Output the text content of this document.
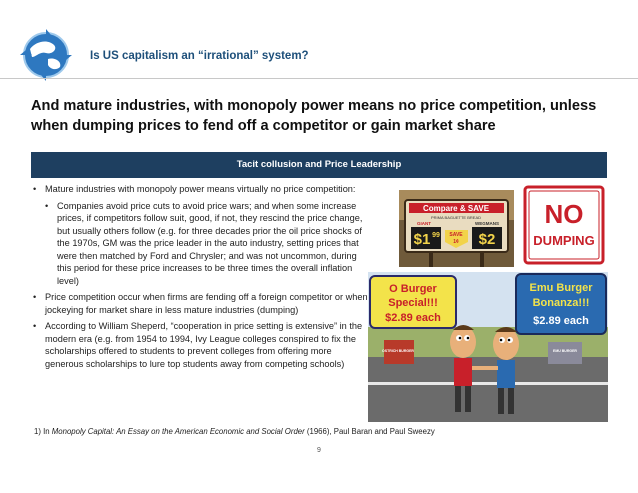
Is US capitalism an “irrational” system?
And mature industries, with monopoly power means no price competition, unless when dumping prices to fend off a competitor or gain market share
Tacit collusion and Price Leadership
• Mature industries with monopoly power means virtually no price competition:
• Companies avoid price cuts to avoid price wars; and when some increase prices, if competitors follow suit, good, if not, they rescind the price change, but usually others follow (e.g. for three decades prior the oil price shocks of the 1970s, GM was the price leader in the auto industry, setting prices that were then matched by Ford and Chrysler; and was not uncommon, during this period for these price increases to be three times the overall inflation level)
• Price competition occur when firms are fending off a foreign competitor or when jockeying for market share in less mature industries (dumping)
• According to William Sheperd, “cooperation in price setting is extensive” in the modern era (e.g. from 1954 to 1994, Ivy League colleges conspired to fix the scholarships offered to students to prevent colleges from offering more generous scholarships to lure top students away from competing schools)
Compare & SAVE
PRIMA BAGUETTE BREAD
GIANT	WEGMANS
$1 99	$2
SAVE
1¢
NO
DUMPING
O Burger
Special!!!
$2.89 each
Emu Burger
Bonanza!!!
$2.89 each
OSTRICH BURGER	EMU BURGER
1) In Monopoly Capital: An Essay on the American Economic and Social Order (1966), Paul Baran and Paul Sweezy
9
